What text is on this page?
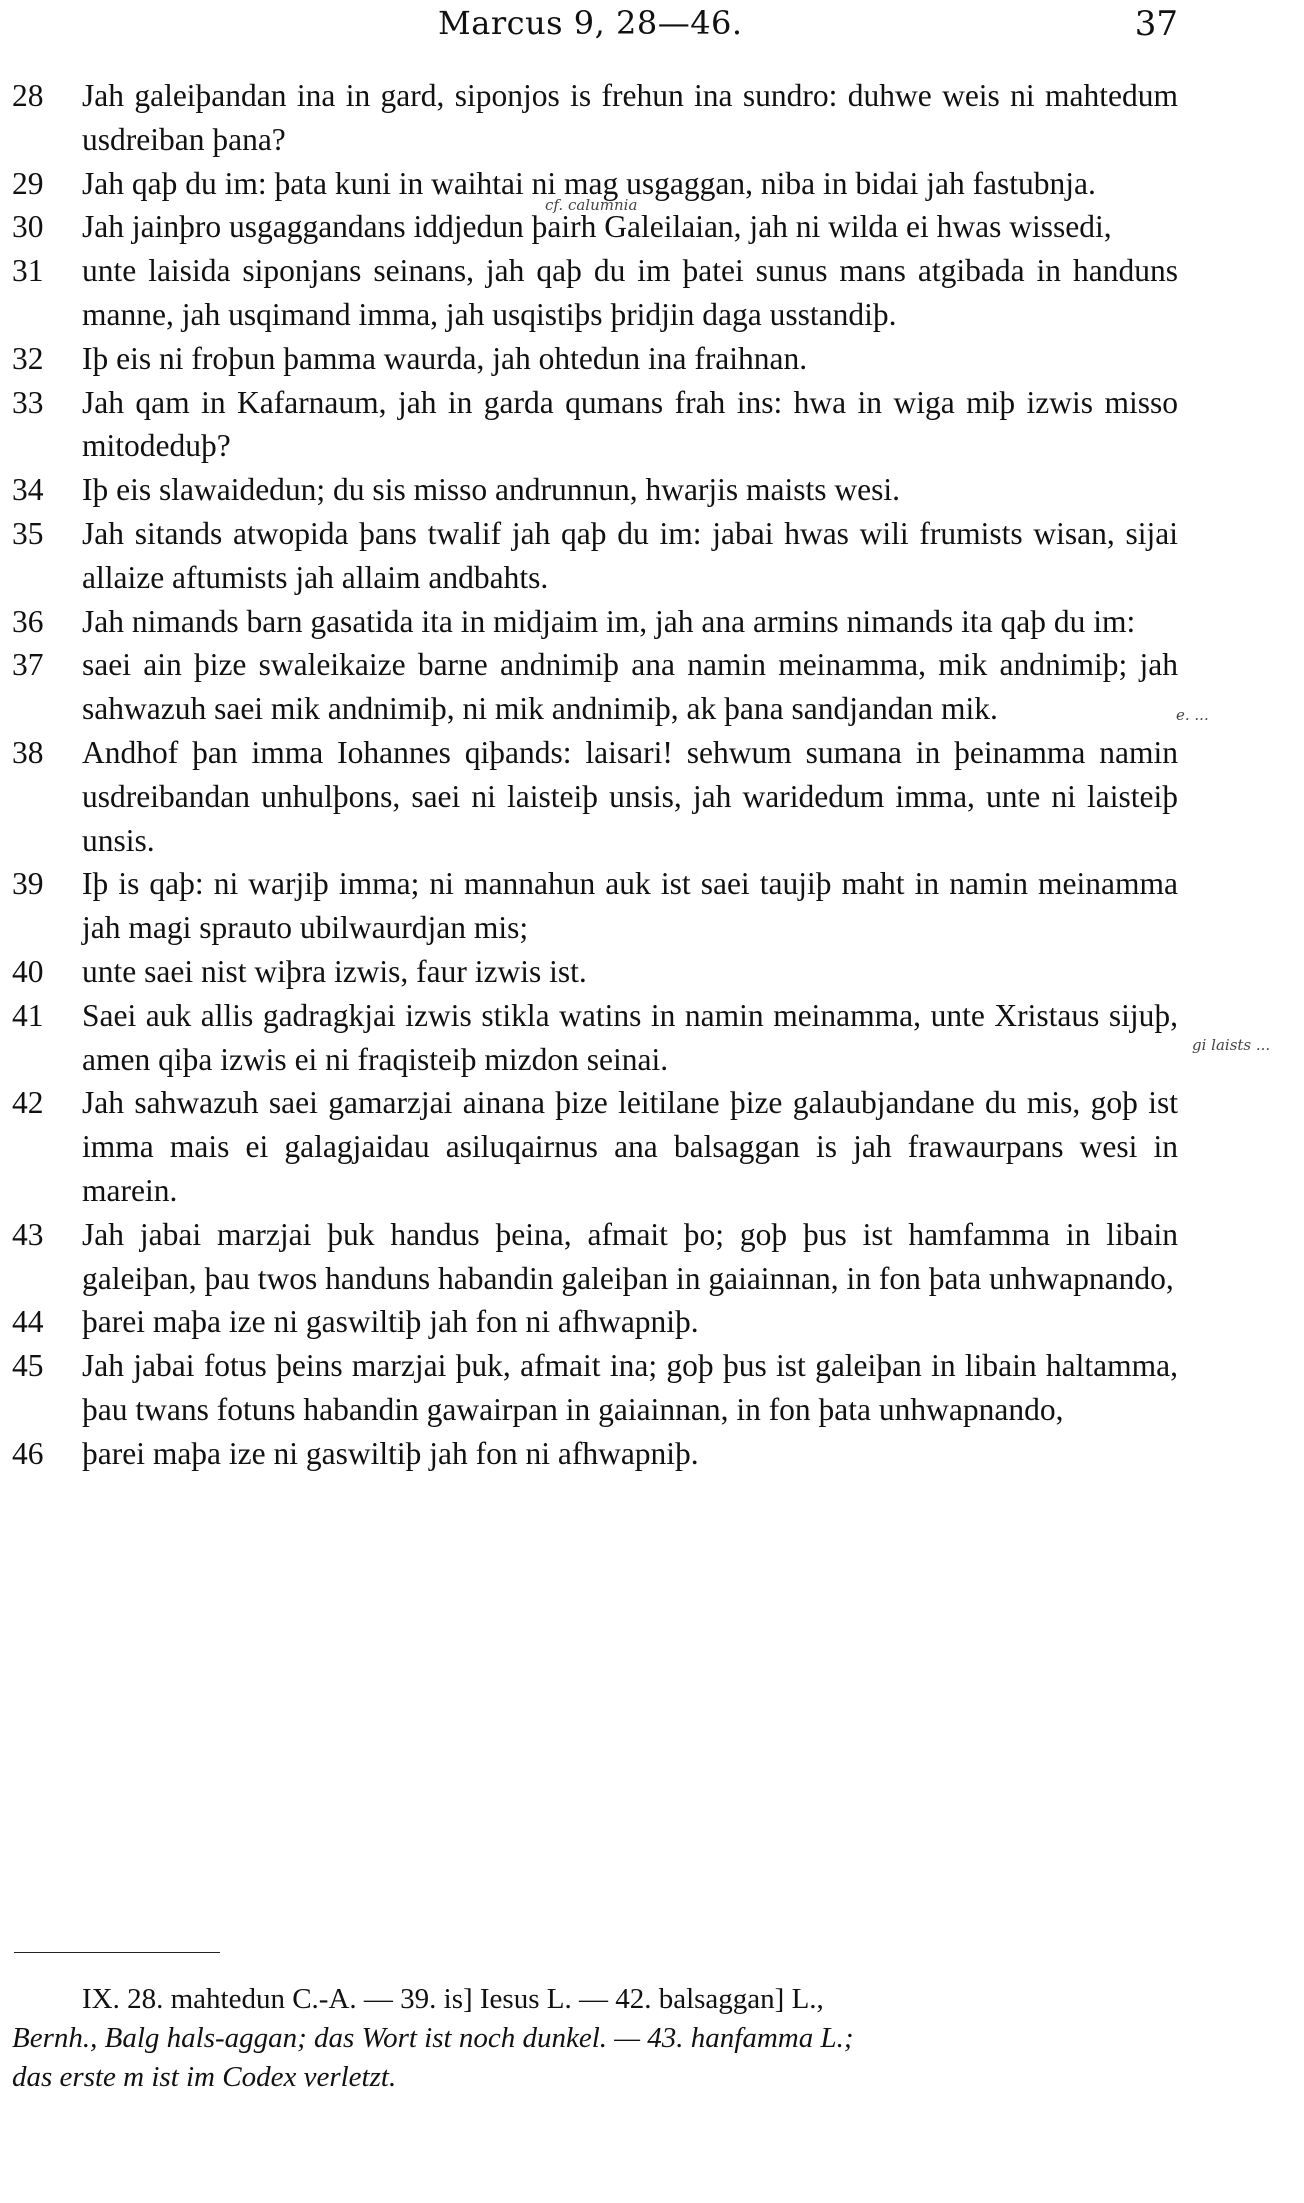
Marcus 9, 28—46.	37
28	Jah galeiþandan ina in gard, siponjos is frehun ina sundro: duhwe weis ni mahtedum usdreiban þana?
29	Jah qaþ du im: þata kuni in waihtai ni mag usgaggan, niba in bidai jah fastubnja.
30	Jah jainþro usgaggandans iddjedun þairh Galeilaian, jah ni wilda ei hwas wissedi,
31	unte laisida siponjans seinans, jah qaþ du im þatei sunus mans atgibada in handuns manne, jah usqimand imma, jah usqistiþs þridjin daga usstandiþ.
32	Iþ eis ni froþun þamma waurda, jah ohtedun ina fraihnan.
33	Jah qam in Kafarnaum, jah in garda qumans frah ins: hwa in wiga miþ izwis misso mitodeduþ?
34	Iþ eis slawaidedun; du sis misso andrunnun, hwarjis maists wesi.
35	Jah sitands atwopida þans twalif jah qaþ du im: jabai hwas wili frumists wisan, sijai allaize aftumists jah allaim andbahts.
36	Jah nimands barn gasatida ita in midjaim im, jah ana armins nimands ita qaþ du im:
37	saei ain þize swaleikaize barne andnimiþ ana namin meinamma, mik andnimiþ; jah sahwazuh saei mik andnimiþ, ni mik andnimiþ, ak þana sandjandan mik.
38	Andhof þan imma Iohannes qiþands: laisari! sehwum sumana in þeinamma namin usdreibandan unhulþons, saei ni laisteiþ unsis, jah waridedum imma, unte ni laisteiþ unsis.
39	Iþ is qaþ: ni warjiþ imma; ni mannahun auk ist saei taujiþ maht in namin meinamma jah magi sprauto ubilwaurdjan mis;
40	unte saei nist wiþra izwis, faur izwis ist.
41	Saei auk allis gadragkjai izwis stikla watins in namin meinamma, unte Xristaus sijuþ, amen qiþa izwis ei ni fraqisteiþ mizdon seinai.
42	Jah sahwazuh saei gamarzjai ainana þize leitilane þize galaubjandane du mis, goþ ist imma mais ei galagjaidau asiluqairnus ana balsaggan is jah frawaurpans wesi in marein.
43	Jah jabai marzjai þuk handus þeina, afmait þo; goþ þus ist hamfamma in libain galeiþan, þau twos handuns habandin galeiþan in gaiainnan, in fon þata unhwapnando,
44	þarei maþa ize ni gaswiltiþ jah fon ni afhwapniþ.
45	Jah jabai fotus þeins marzjai þuk, afmait ina; goþ þus ist galeiþan in libain haltamma, þau twans fotuns habandin gawairpan in gaiainnan, in fon þata unhwapnando,
46	þarei maþa ize ni gaswiltiþ jah fon ni afhwapniþ.
cf. calumnia
e. ...
gi laists ...
IX. 28. mahtedun C.-A. — 39. is] Iesus L. — 42. balsaggan] L.,
Bernh., Balg hals-aggan; das Wort ist noch dunkel. — 43. hanfamma L.;
das erste m ist im Codex verletzt.
